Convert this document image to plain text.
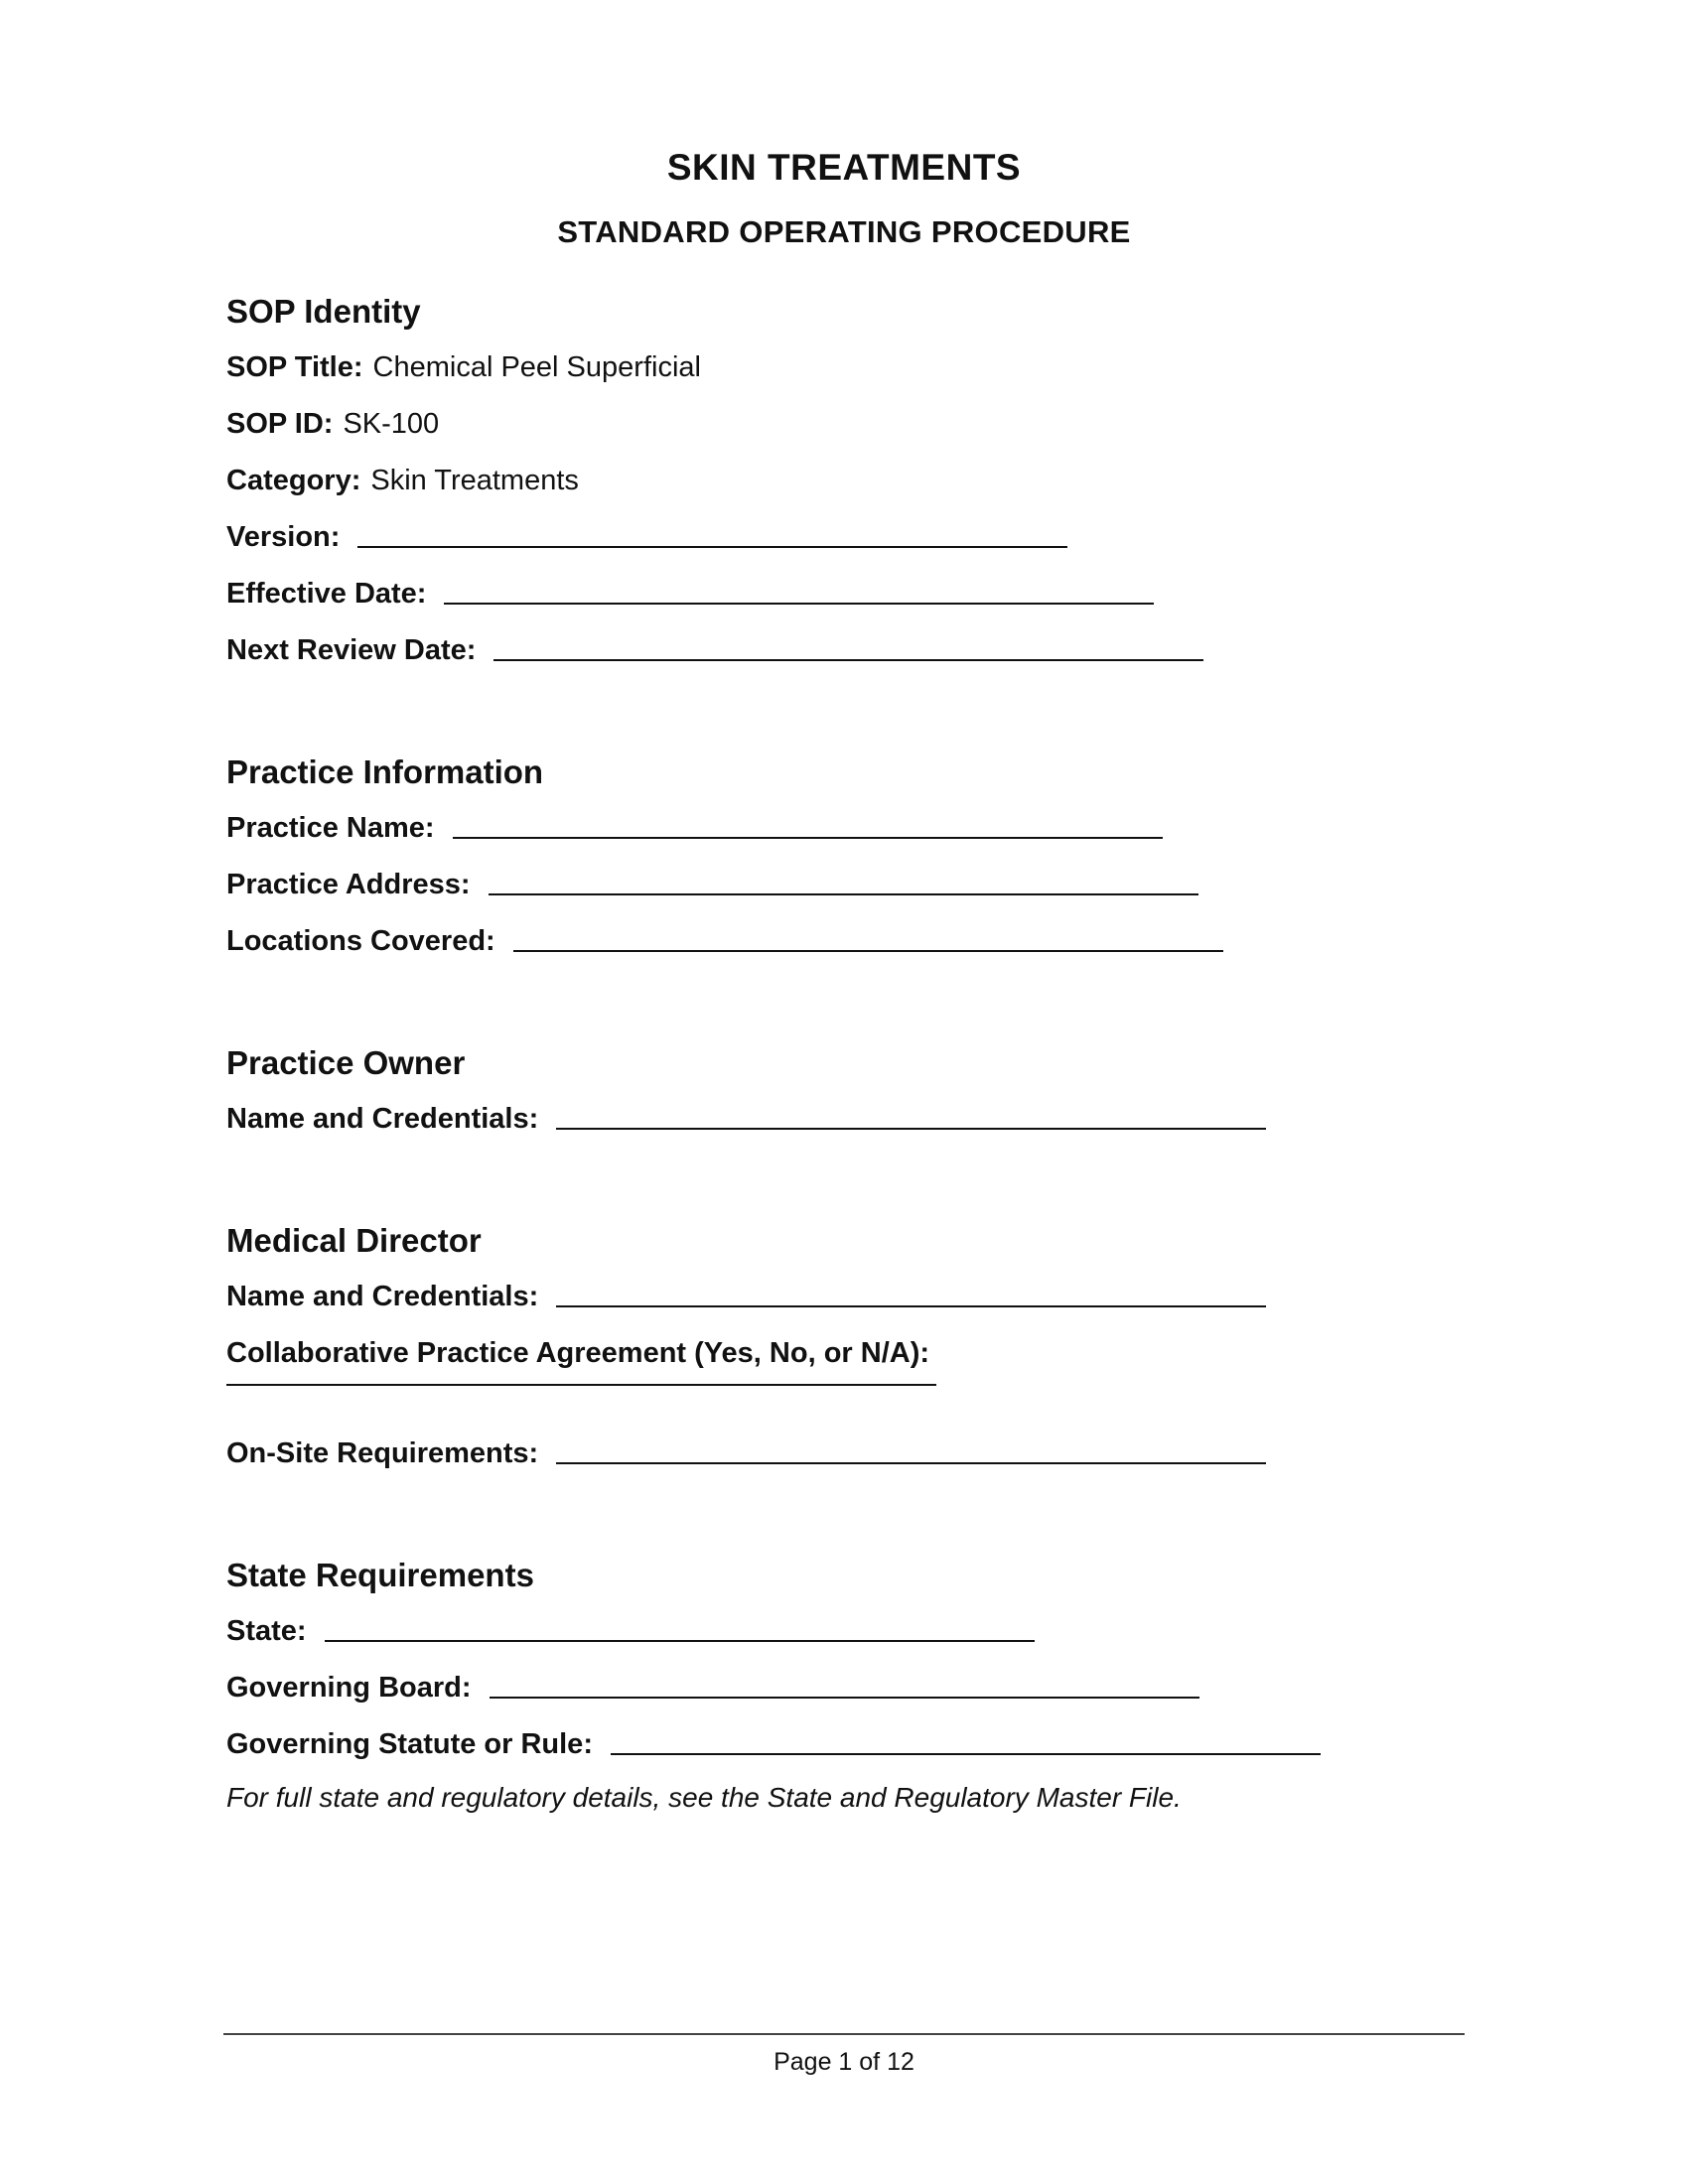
SKIN TREATMENTS
STANDARD OPERATING PROCEDURE
SOP Identity
SOP Title: Chemical Peel Superficial
SOP ID: SK-100
Category: Skin Treatments
Version:
Effective Date:
Next Review Date:
Practice Information
Practice Name:
Practice Address:
Locations Covered:
Practice Owner
Name and Credentials:
Medical Director
Name and Credentials:
Collaborative Practice Agreement (Yes, No, or N/A):
On-Site Requirements:
State Requirements
State:
Governing Board:
Governing Statute or Rule:
For full state and regulatory details, see the State and Regulatory Master File.
Page 1 of 12
